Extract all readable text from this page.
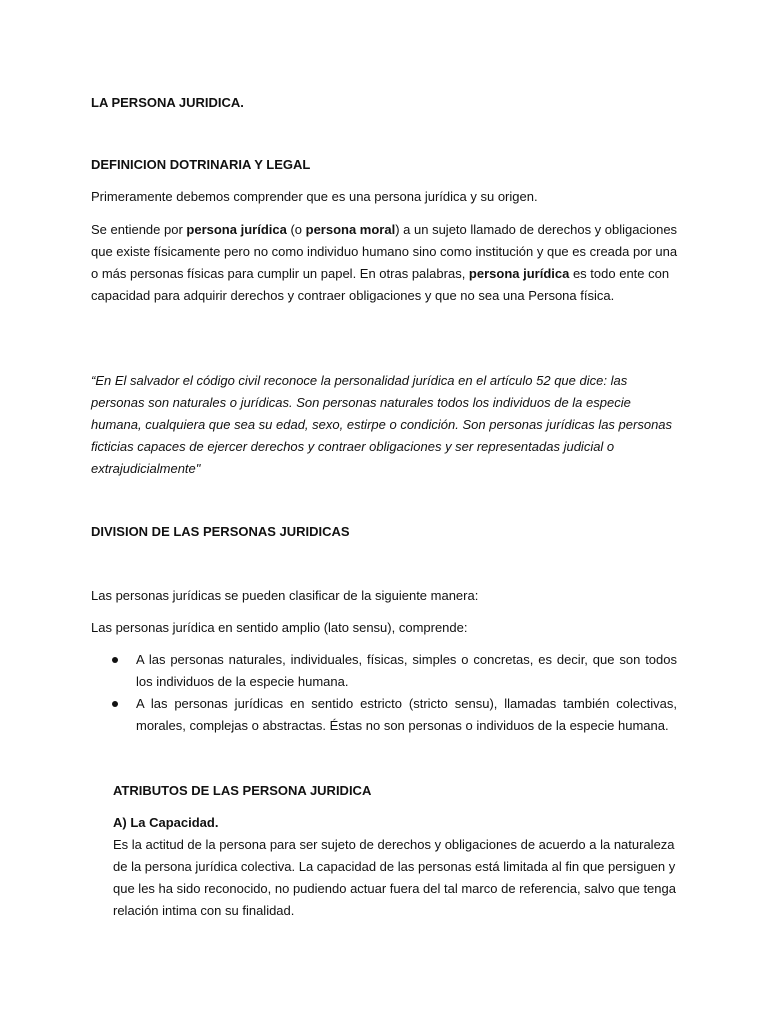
LA PERSONA JURIDICA.
DEFINICION DOTRINARIA Y LEGAL
Primeramente debemos comprender que es una persona jurídica y su origen.
Se entiende por persona jurídica (o persona moral) a un sujeto llamado de derechos y obligaciones que existe físicamente pero no como individuo humano sino como institución y que es creada por una o más personas físicas para cumplir un papel. En otras palabras, persona jurídica es todo ente con capacidad para adquirir derechos y contraer obligaciones y que no sea una Persona física.
“En El salvador el código civil reconoce la personalidad jurídica en el artículo 52 que dice: las personas son naturales o jurídicas. Son personas naturales todos los individuos de la especie humana, cualquiera que sea su edad, sexo, estirpe o condición. Son personas jurídicas las personas ficticias capaces de ejercer derechos y contraer obligaciones y ser representadas judicial o extrajudicialmente"
DIVISION DE LAS PERSONAS JURIDICAS
Las personas jurídicas se pueden clasificar de la siguiente manera:
Las personas jurídica en sentido amplio (lato sensu), comprende:
A las personas naturales, individuales, físicas, simples o concretas, es decir, que son todos los individuos de la especie humana.
A las personas jurídicas en sentido estricto (stricto sensu), llamadas también colectivas, morales, complejas o abstractas. Éstas no son personas o individuos de la especie humana.
ATRIBUTOS DE LAS PERSONA JURIDICA
A) La Capacidad.
Es la actitud de la persona para ser sujeto de derechos y obligaciones de acuerdo a la naturaleza de la persona jurídica colectiva. La capacidad de las personas está limitada al fin que persiguen y que les ha sido reconocido, no pudiendo actuar fuera del tal marco de referencia, salvo que tenga relación intima con su finalidad.
